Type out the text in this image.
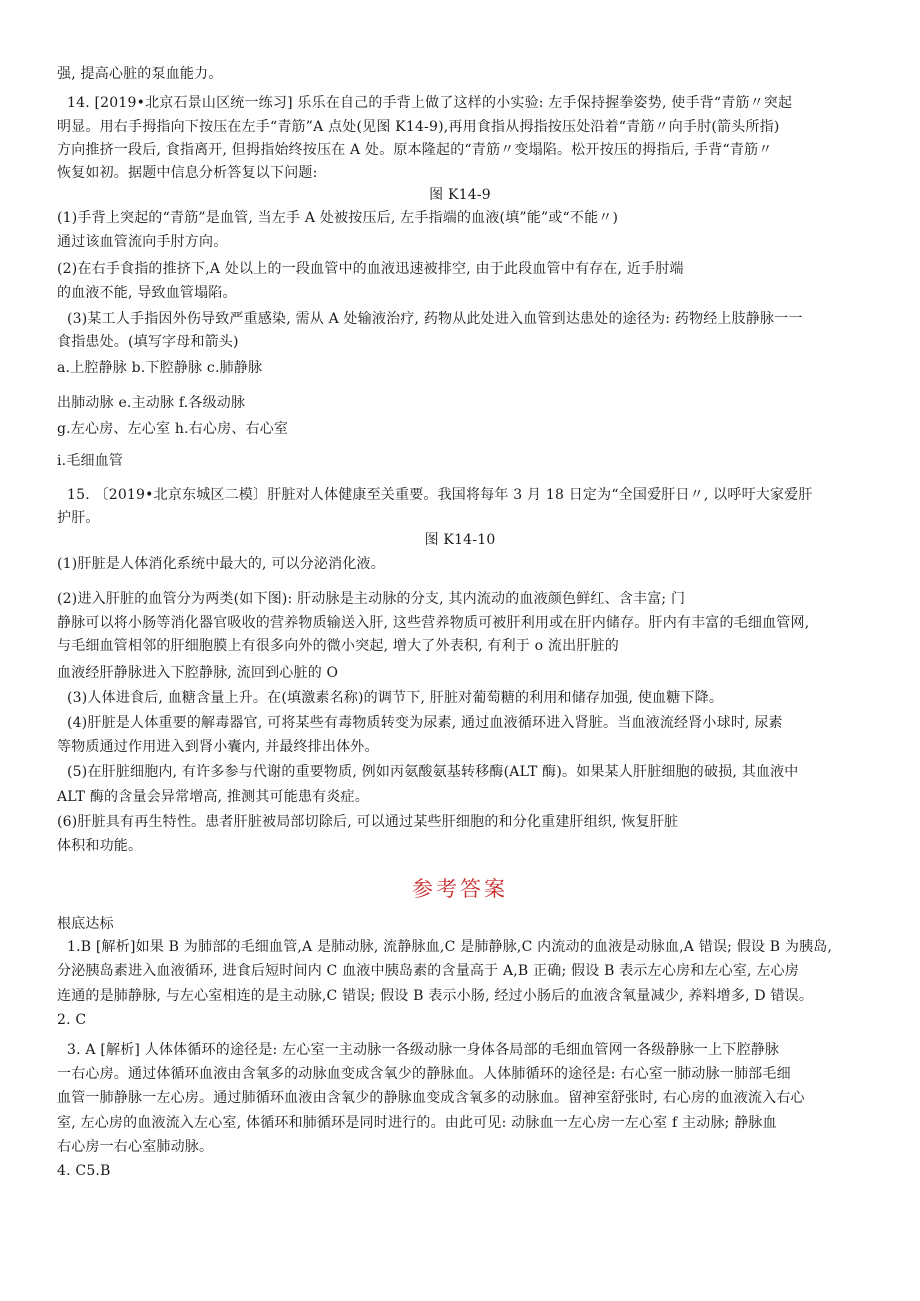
强, 提高心脏的泵血能力。
14. [2019•北京石景山区统一练习] 乐乐在自己的手背上做了这样的小实验: 左手保持握拳姿势, 使手背“青筋〃突起
明显。用右手拇指向下按压在左手“青筋”A 点处(见图 K14-9),再用食指从拇指按压处沿着“青筋〃向手肘(箭头所指)
方向推挤一段后, 食指离开, 但拇指始终按压在 A 处。原本隆起的“青筋〃变塌陷。松开按压的拇指后, 手背“青筋〃
恢复如初。据题中信息分析答复以下问题:
图 K14-9
(1)手背上突起的“青筋”是血管, 当左手 A 处被按压后, 左手指端的血液(填”能”或“不能〃)
通过该血管流向手肘方向。
(2)在右手食指的推挤下,A 处以上的一段血管中的血液迅速被排空, 由于此段血管中有存在, 近手肘端
的血液不能, 导致血管塌陷。
(3)某工人手指因外伤导致严重感染, 需从 A 处输液治疗, 药物从此处进入血管到达患处的途径为: 药物经上肢静脉一一
食指患处。(填写字母和箭头)
a.上腔静脉 b.下腔静脉 c.肺静脉
出肺动脉 e.主动脉 f.各级动脉
g.左心房、左心室 h.右心房、右心室
i.毛细血管
15. 〔2019•北京东城区二模〕肝脏对人体健康至关重要。我国将每年 3 月 18 日定为“全国爱肝日〃, 以呼吁大家爱肝
护肝。
图 K14-10
(1)肝脏是人体消化系统中最大的, 可以分泌消化液。
(2)进入肝脏的血管分为两类(如下图): 肝动脉是主动脉的分支, 其内流动的血液颜色鲜红、含丰富; 门
静脉可以将小肠等消化器官吸收的营养物质输送入肝, 这些营养物质可被肝利用或在肝内储存。肝内有丰富的毛细血管网,
与毛细血管相邻的肝细胞膜上有很多向外的微小突起, 增大了外表积, 有利于 o 流出肝脏的
血液经肝静脉进入下腔静脉, 流回到心脏的 O
(3)人体进食后, 血糖含量上升。在(填激素名称)的调节下, 肝脏对葡萄糖的利用和储存加强, 使血糖下降。
(4)肝脏是人体重要的解毒器官, 可将某些有毒物质转变为尿素, 通过血液循环进入肾脏。当血液流经肾小球时, 尿素
等物质通过作用进入到肾小囊内, 并最终排出体外。
(5)在肝脏细胞内, 有许多参与代谢的重要物质, 例如丙氨酸氨基转移酶(ALT 酶)。如果某人肝脏细胞的破损, 其血液中
ALT 酶的含量会异常增高, 推测其可能患有炎症。
(6)肝脏具有再生特性。患者肝脏被局部切除后, 可以通过某些肝细胞的和分化重建肝组织, 恢复肝脏
体积和功能。
参考答案
根底达标
1.B [解析]如果 B 为肺部的毛细血管,A 是肺动脉, 流静脉血,C 是肺静脉,C 内流动的血液是动脉血,A 错误; 假设 B 为胰岛,
分泌胰岛素进入血液循环, 进食后短时间内 C 血液中胰岛素的含量高于 A,B 正确; 假设 B 表示左心房和左心室, 左心房
连通的是肺静脉, 与左心室相连的是主动脉,C 错误; 假设 B 表示小肠, 经过小肠后的血液含氧量减少, 养料增多, D 错误。
2. C
3. A [解析] 人体体循环的途径是: 左心室一主动脉一各级动脉一身体各局部的毛细血管网一各级静脉一上下腔静脉
一右心房。通过体循环血液由含氧多的动脉血变成含氧少的静脉血。人体肺循环的途径是: 右心室一肺动脉一肺部毛细
血管一肺静脉一左心房。通过肺循环血液由含氧少的静脉血变成含氧多的动脉血。留神室舒张时, 右心房的血液流入右心
室, 左心房的血液流入左心室, 体循环和肺循环是同时进行的。由此可见: 动脉血一左心房一左心室 f 主动脉; 静脉血
右心房一右心室肺动脉。
4. C5.B
